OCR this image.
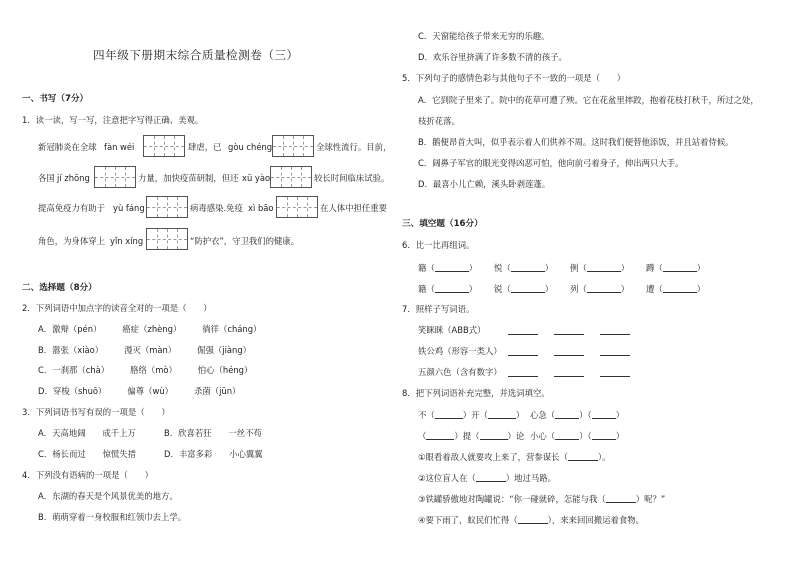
四年级下册期末综合质量检测卷（三）
一、书写（7分）
1．读一读，写一写，注意把字写得正确、美观。
新冠肺炎在全球 fàn wéi	肆虐，已 gòu chéng	全球性流行。目前，
各国 jí zhōng	力量，加快疫苗研制，但还 xū yào	较长时间临床试验。
提高免疫力有助于 yù fáng	病毒感染.免疫 xì bāo	在人体中担任重要
角色，为身体穿上 yǐn xíng	“防护衣”，守卫我们的健康。
二、选择题（8分）
2．下列词语中加点字的读音全对的一项是（　　）
A．激辩（pén）　　　癌症（zhèng）　　　徜徉（cháng）
B．嚣张（xiào）　　　漫灭（màn）　　　倔强（jiàng）
C．一刹那（chà）　　　胳络（mò）　　　怕心（héng）
D．穿梭（shuō）　　　偏尊（wù）　　　杀菌（jūn）
3．下列词语书写有误的一项是（　　）
A．天高地阔　　成千上万	B．欣喜若狂　　一丝不苟
C．杨长而过　　惊慌失措	D．丰富多彩　　小心翼翼
4．下列没有语病的一项是（　　）
A．东湖的春天是个风景优美的地方。
B．萌萌穿着一身校服和红领巾去上学。
C．天窗能给孩子带来无穷的乐趣。
D．欢乐谷里挤满了许多数不清的孩子。
5．下列句子的感情色彩与其他句子不一致的一项是（　　）
A．它到院子里来了。院中的花草可遭了殃。它在花盆里摔跤，抱着花枝打秋千，所过之处，
枝折花落。
B．鹅便昂首大叫，似乎表示着人们供养不周。这时我们便替他添饭，并且站着侍候。
C．阔鼻子军官的眼光变得凶恶可怕，他向前弓着身子，伸出两只大手。
D．最喜小儿亡赖，溪头卧剥莲蓬。
三、填空题（16分）
6．比一比再组词。
籍（	） 悦（	） 例（	） 蹲（	）
籍（	） 锐（	） 列（	） 遭（	）
7．照样子写词语。
笑眯眯（ABB式）
铁公鸡（形容一类人）
五颜六色（含有数字）
8．把下列词语补充完整，并选词填空。
不（	）开（	） 心急（	）（	）
（	）提（	）论 小心（	）（	）
①眼看着敌人就要攻上来了，营参谋长（	）。
②这位盲人在（	）地过马路。
③铁罐骄傲地对陶罐说：“你一碰就碎，怎能与我（	）呢？”
④要下雨了，蚁民们忙得（	），来来回回搬运着食物。
